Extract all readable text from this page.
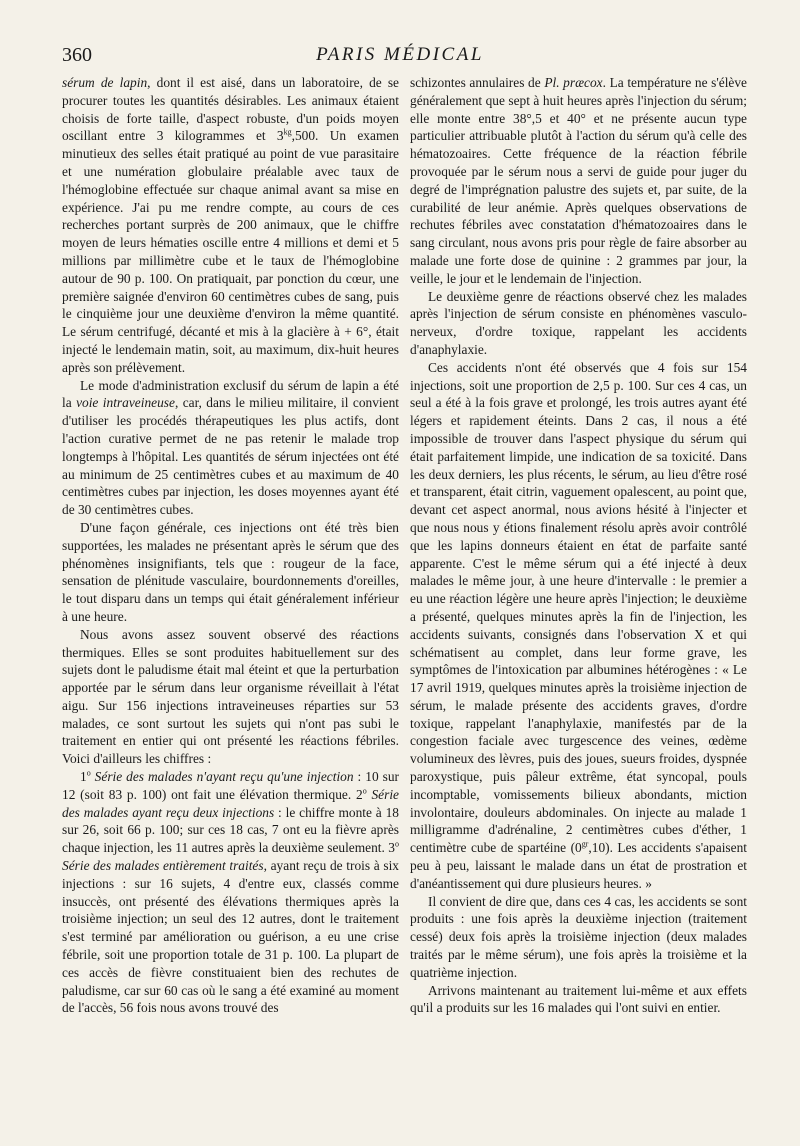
360	PARIS MÉDICAL

sérum de lapin, dont il est aisé, dans un laboratoire, de se procurer toutes les quantités désirables. Les animaux étaient choisis de forte taille, d'aspect robuste, d'un poids moyen oscillant entre 3 kilogrammes et $3^{kg},500$. Un examen minutieux des selles était pratiqué au point de vue parasitaire et une numération globulaire préalable avec taux de l'hémoglobine effectuée sur chaque animal avant sa mise en expérience. J'ai pu me rendre compte, au cours de ces recherches portant surprès de 200 animaux, que le chiffre moyen de leurs hématies oscille entre 4 millions et demi et 5 millions par millimètre cube et le taux de l'hémoglobine autour de 90 p. 100. On pratiquait, par ponction du cœur, une première saignée d'environ 60 centimètres cubes de sang, puis le cinquième jour une deuxième d'environ la même quantité. Le sérum centrifugé, décanté et mis à la glacière à + 6°, était injecté le lendemain matin, soit, au maximum, dix-huit heures après son prélèvement.

Le mode d'administration exclusif du sérum de lapin a été la voie intraveineuse, car, dans le milieu militaire, il convient d'utiliser les procédés thérapeutiques les plus actifs, dont l'action curative permet de ne pas retenir le malade trop longtemps à l'hôpital. Les quantités de sérum injectées ont été au minimum de 25 centimètres cubes et au maximum de 40 centimètres cubes par injection, les doses moyennes ayant été de 30 centimètres cubes.

D'une façon générale, ces injections ont été très bien supportées, les malades ne présentant après le sérum que des phénomènes insignifiants, tels que : rougeur de la face, sensation de plénitude vasculaire, bourdonnements d'oreilles, le tout disparu dans un temps qui était généralement inférieur à une heure.

Nous avons assez souvent observé des réactions thermiques. Elles se sont produites habituellement sur des sujets dont le paludisme était mal éteint et que la perturbation apportée par le sérum dans leur organisme réveillait à l'état aigu. Sur 156 injections intraveineuses réparties sur 53 malades, ce sont surtout les sujets qui n'ont pas subi le traitement en entier qui ont présenté les réactions fébriles. Voici d'ailleurs les chiffres :

1$^o$ Série des malades n'ayant reçu qu'une injection : 10 sur 12 (soit 83 p. 100) ont fait une élévation thermique. 2$^o$ Série des malades ayant reçu deux injections : le chiffre monte à 18 sur 26, soit 66 p. 100; sur ces 18 cas, 7 ont eu la fièvre après chaque injection, les 11 autres après la deuxième seulement. 3$^o$ Série des malades entièrement traités, ayant reçu de trois à six injections : sur 16 sujets, 4 d'entre eux, classés comme insuccès, ont présenté des élévations thermiques après la troisième injection; un seul des 12 autres, dont le traitement s'est terminé par amélioration ou guérison, a eu une crise fébrile, soit une proportion totale de 31 p. 100. La plupart de ces accès de fièvre constituaient bien des rechutes de paludisme, car sur 60 cas où le sang a été examiné au moment de l'accès, 56 fois nous avons trouvé des

schizontes annulaires de Pl. præcox. La température ne s'élève généralement que sept à huit heures après l'injection du sérum; elle monte entre 38°,5 et 40° et ne présente aucun type particulier attribuable plutôt à l'action du sérum qu'à celle des hématozoaires. Cette fréquence de la réaction fébrile provoquée par le sérum nous a servi de guide pour juger du degré de l'imprégnation palustre des sujets et, par suite, de la curabilité de leur anémie. Après quelques observations de rechutes fébriles avec constatation d'hématozoaires dans le sang circulant, nous avons pris pour règle de faire absorber au malade une forte dose de quinine : 2 grammes par jour, la veille, le jour et le lendemain de l'injection.

Le deuxième genre de réactions observé chez les malades après l'injection de sérum consiste en phénomènes vasculo-nerveux, d'ordre toxique, rappelant les accidents d'anaphylaxie.

Ces accidents n'ont été observés que 4 fois sur 154 injections, soit une proportion de 2,5 p. 100. Sur ces 4 cas, un seul a été à la fois grave et prolongé, les trois autres ayant été légers et rapidement éteints. Dans 2 cas, il nous a été impossible de trouver dans l'aspect physique du sérum qui était parfaitement limpide, une indication de sa toxicité. Dans les deux derniers, les plus récents, le sérum, au lieu d'être rosé et transparent, était citrin, vaguement opalescent, au point que, devant cet aspect anormal, nous avions hésité à l'injecter et que nous nous y étions finalement résolu après avoir contrôlé que les lapins donneurs étaient en état de parfaite santé apparente. C'est le même sérum qui a été injecté à deux malades le même jour, à une heure d'intervalle : le premier a eu une réaction légère une heure après l'injection; le deuxième a présenté, quelques minutes après la fin de l'injection, les accidents suivants, consignés dans l'observation X et qui schématisent au complet, dans leur forme grave, les symptômes de l'intoxication par albumines hétérogènes : « Le 17 avril 1919, quelques minutes après la troisième injection de sérum, le malade présente des accidents graves, d'ordre toxique, rappelant l'anaphylaxie, manifestés par de la congestion faciale avec turgescence des veines, œdème volumineux des lèvres, puis des joues, sueurs froides, dyspnée paroxystique, puis pâleur extrême, état syncopal, pouls incomptable, vomissements bilieux abondants, miction involontaire, douleurs abdominales. On injecte au malade 1 milligramme d'adrénaline, 2 centimètres cubes d'éther, 1 centimètre cube de spartéine $(0^{gr},10)$. Les accidents s'apaisent peu à peu, laissant le malade dans un état de prostration et d'anéantissement qui dure plusieurs heures. »

Il convient de dire que, dans ces 4 cas, les accidents se sont produits : une fois après la deuxième injection (traitement cessé) deux fois après la troisième injection (deux malades traités par le même sérum), une fois après la troisième et la quatrième injection.

Arrivons maintenant au traitement lui-même et aux effets qu'il a produits sur les 16 malades qui l'ont suivi en entier.
